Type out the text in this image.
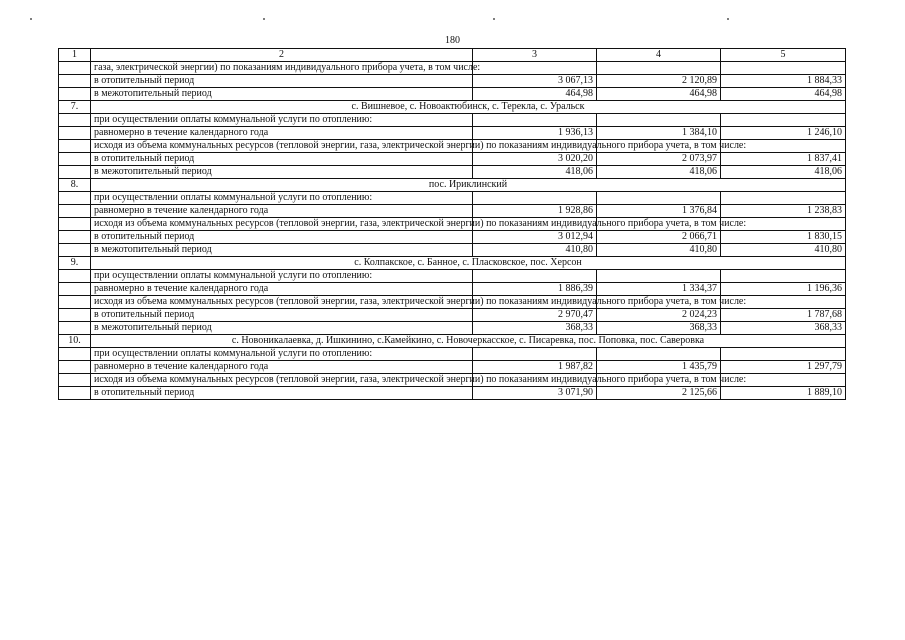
180
1	2	3	4	5
	газа, электрической энергии) по показаниям индивидуального прибора учета, в том числе:			
	в отопительный период	3 067,13	2 120,89	1 884,33
	в межотопительный период	464,98	464,98	464,98
7.	с. Вишневое, с. Новоактюбинск, с. Терекла, с. Уральск			
	при осуществлении оплаты коммунальной услуги по отоплению:			
	равномерно в течение календарного года	1 936,13	1 384,10	1 246,10
	исходя из объема коммунальных ресурсов (тепловой энергии, газа, электрической энергии) по показаниям индивидуального прибора учета, в том числе:			
	в отопительный период	3 020,20	2 073,97	1 837,41
	в межотопительный период	418,06	418,06	418,06
8.	пос. Ириклинский			
	при осуществлении оплаты коммунальной услуги по отоплению:			
	равномерно в течение календарного года	1 928,86	1 376,84	1 238,83
	исходя из объема коммунальных ресурсов (тепловой энергии, газа, электрической энергии) по показаниям индивидуального прибора учета, в том числе:			
	в отопительный период	3 012,94	2 066,71	1 830,15
	в межотопительный период	410,80	410,80	410,80
9.	с. Колпакское, с. Банное, с. Пласковское, пос. Херсон			
	при осуществлении оплаты коммунальной услуги по отоплению:			
	равномерно в течение календарного года	1 886,39	1 334,37	1 196,36
	исходя из объема коммунальных ресурсов (тепловой энергии, газа, электрической энергии) по показаниям индивидуального прибора учета, в том числе:			
	в отопительный период	2 970,47	2 024,23	1 787,68
	в межотопительный период	368,33	368,33	368,33
10.	с. Новоникалаевка, д. Ишкинино, с.Камейкино, с. Новочеркасское, с. Писаревка, пос. Поповка, пос. Саверовка			
	при осуществлении оплаты коммунальной услуги по отоплению:			
	равномерно в течение календарного года	1 987,82	1 435,79	1 297,79
	исходя из объема коммунальных ресурсов (тепловой энергии, газа, электрической энергии) по показаниям индивидуального прибора учета, в том числе:			
	в отопительный период	3 071,90	2 125,66	1 889,10
